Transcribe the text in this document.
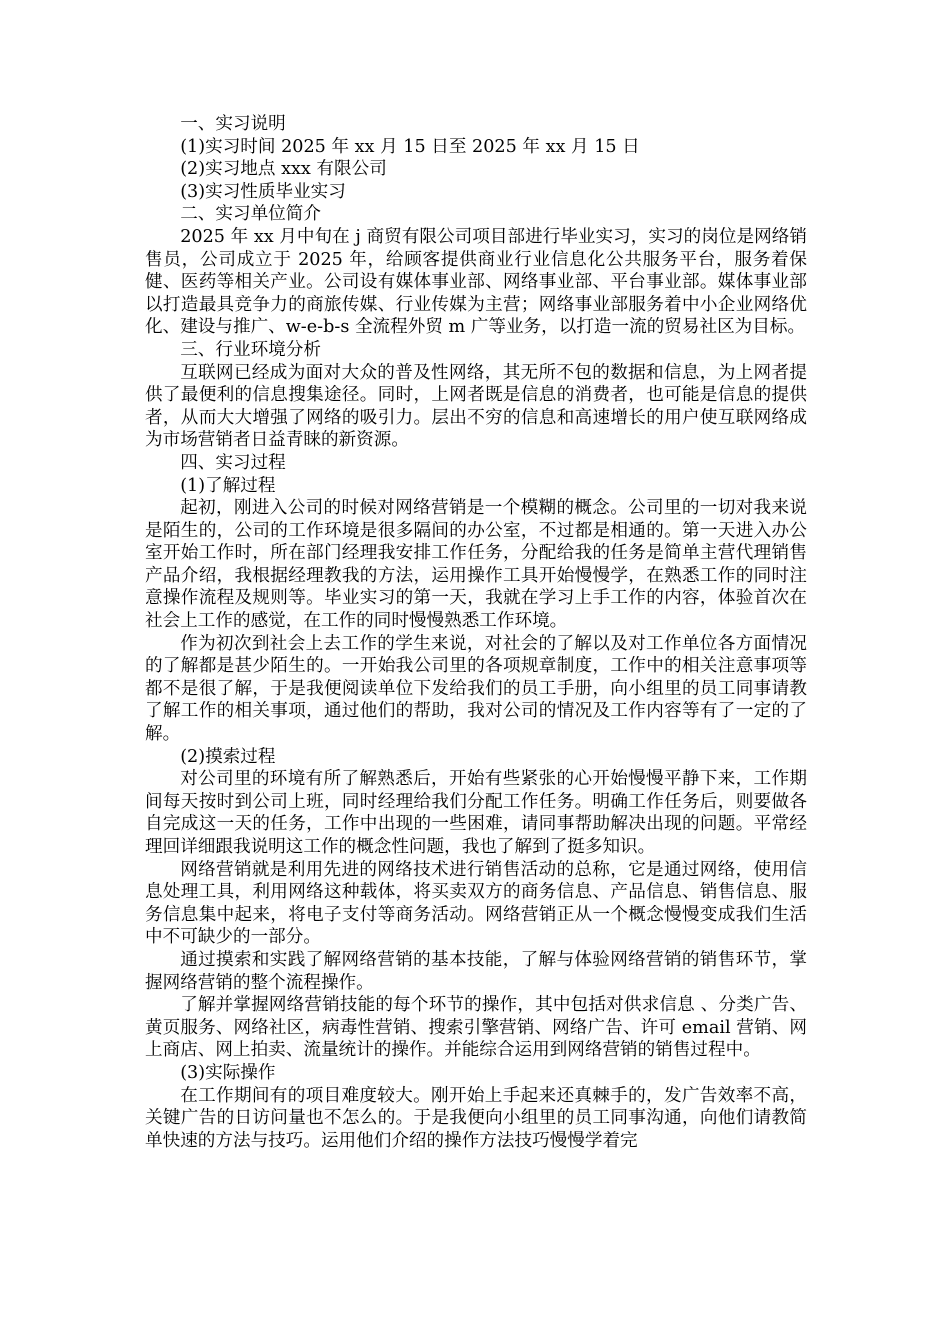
一、实习说明

(1)实习时间 2025 年 xx 月 15 日至 2025 年 xx 月 15 日

(2)实习地点 xxx 有限公司

(3)实习性质毕业实习

二、实习单位简介

2025 年 xx 月中旬在 j 商贸有限公司项目部进行毕业实习，实习的岗位是网络销售员，公司成立于 2025 年，给顾客提供商业行业信息化公共服务平台，服务着保健、医药等相关产业。公司设有媒体事业部、网络事业部、平台事业部。媒体事业部以打造最具竞争力的商旅传媒、行业传媒为主营；网络事业部服务着中小企业网络优化、建设与推广、w-e-b-s 全流程外贸 m 广等业务，以打造一流的贸易社区为目标。

三、行业环境分析

互联网已经成为面对大众的普及性网络，其无所不包的数据和信息，为上网者提供了最便利的信息搜集途径。同时，上网者既是信息的消费者，也可能是信息的提供者，从而大大增强了网络的吸引力。层出不穷的信息和高速增长的用户使互联网络成为市场营销者日益青睐的新资源。

四、实习过程

(1)了解过程

起初，刚进入公司的时候对网络营销是一个模糊的概念。公司里的一切对我来说是陌生的，公司的工作环境是很多隔间的办公室，不过都是相通的。第一天进入办公室开始工作时，所在部门经理我安排工作任务，分配给我的任务是简单主营代理销售产品介绍，我根据经理教我的方法，运用操作工具开始慢慢学，在熟悉工作的同时注意操作流程及规则等。毕业实习的第一天，我就在学习上手工作的内容，体验首次在社会上工作的感觉，在工作的同时慢慢熟悉工作环境。

作为初次到社会上去工作的学生来说，对社会的了解以及对工作单位各方面情况的了解都是甚少陌生的。一开始我公司里的各项规章制度，工作中的相关注意事项等都不是很了解，于是我便阅读单位下发给我们的员工手册，向小组里的员工同事请教了解工作的相关事项，通过他们的帮助，我对公司的情况及工作内容等有了一定的了解。

(2)摸索过程

对公司里的环境有所了解熟悉后，开始有些紧张的心开始慢慢平静下来，工作期间每天按时到公司上班，同时经理给我们分配工作任务。明确工作任务后，则要做各自完成这一天的任务，工作中出现的一些困难，请同事帮助解决出现的问题。平常经理回详细跟我说明这工作的概念性问题，我也了解到了挺多知识。

网络营销就是利用先进的网络技术进行销售活动的总称，它是通过网络，使用信息处理工具，利用网络这种载体，将买卖双方的商务信息、产品信息、销售信息、服务信息集中起来，将电子支付等商务活动。网络营销正从一个概念慢慢变成我们生活中不可缺少的一部分。

通过摸索和实践了解网络营销的基本技能，了解与体验网络营销的销售环节，掌握网络营销的整个流程操作。

了解并掌握网络营销技能的每个环节的操作，其中包括对供求信息 、分类广告、黄页服务、网络社区，病毒性营销、搜索引擎营销、网络广告、许可 email 营销、网上商店、网上拍卖、流量统计的操作。并能综合运用到网络营销的销售过程中。

(3)实际操作

在工作期间有的项目难度较大。刚开始上手起来还真棘手的，发广告效率不高，关键广告的日访问量也不怎么的。于是我便向小组里的员工同事沟通，向他们请教简单快速的方法与技巧。运用他们介绍的操作方法技巧慢慢学着完
